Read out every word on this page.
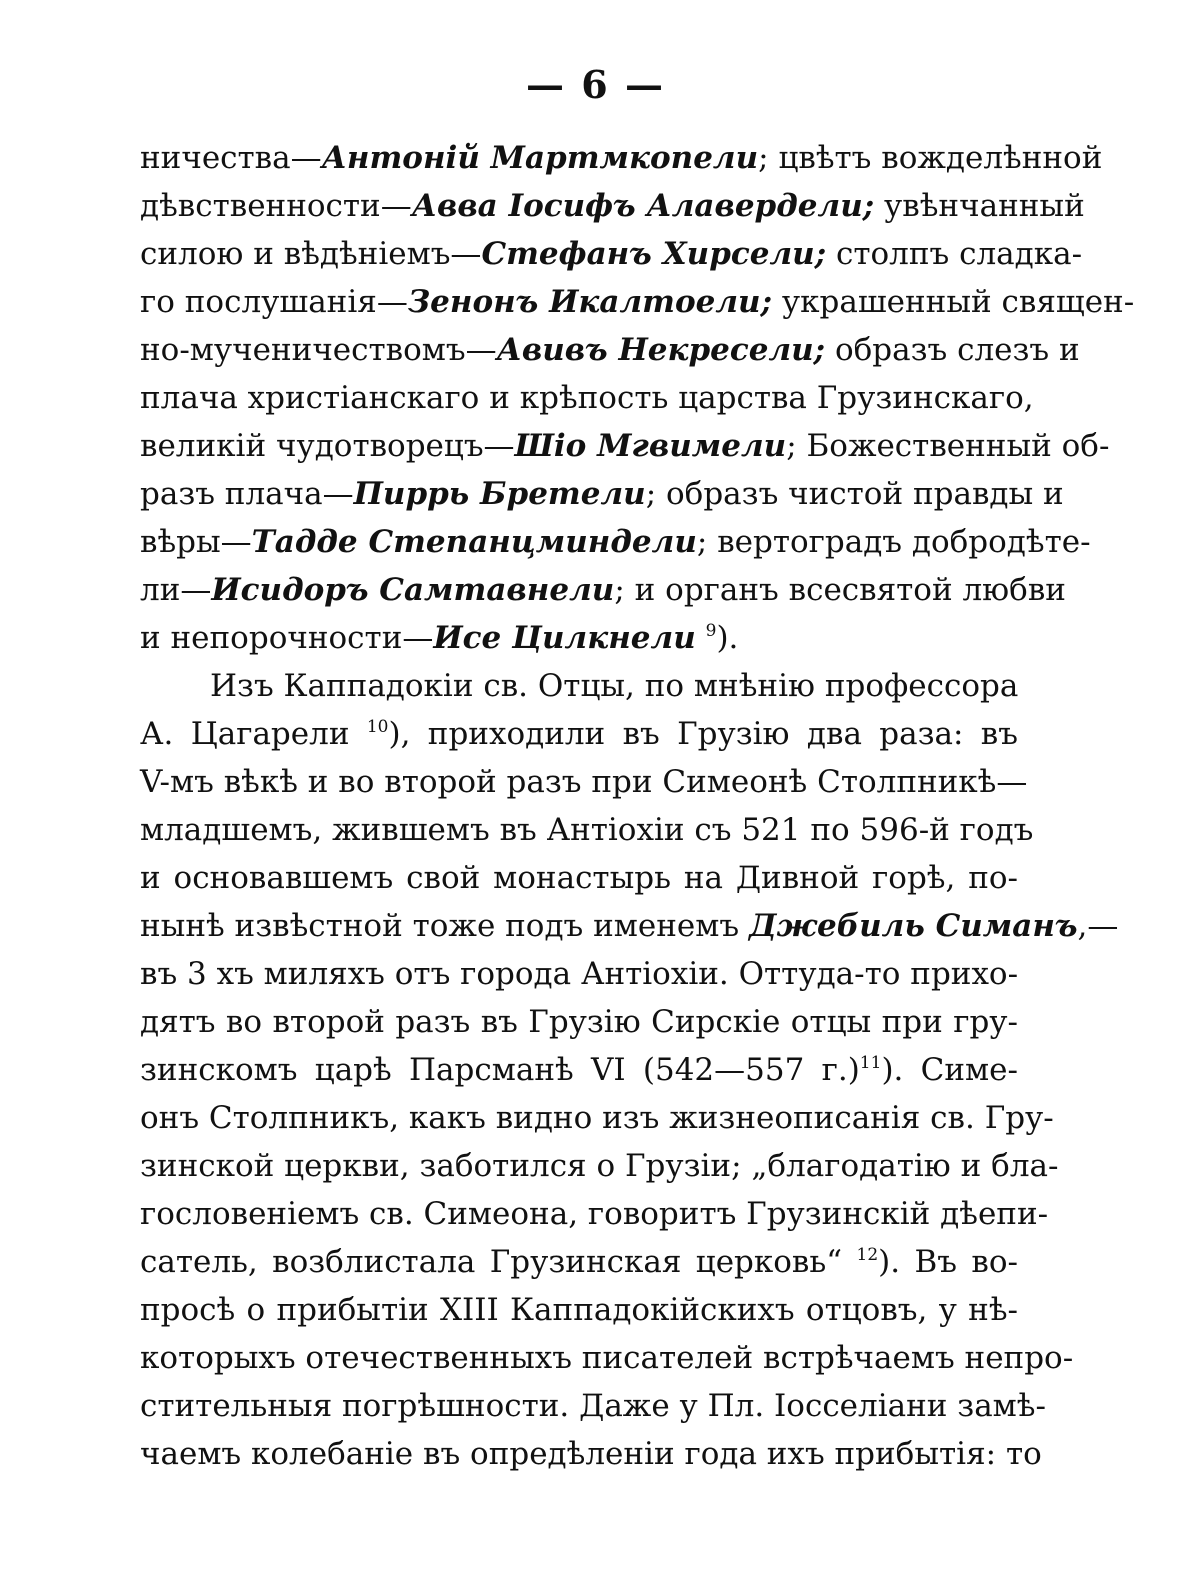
— 6 —
ничества—Антоній Мартмкопели; цвѣтъ вожделѣнной
дѣвственности—Авва Іосифъ Алавердели; увѣнчанный
силою и вѣдѣніемъ—Стефанъ Хирсели; столпъ сладка-
го послушанія—Зенонъ Икалтоели; украшенный священ-
но-мученичествомъ—Авивъ Некресели; образъ слезъ и
плача христіанскаго и крѣпость царства Грузинскаго,
великій чудотворецъ—Шіо Мгвимели; Божественный об-
разъ плача—Пиррь Бретели; образъ чистой правды и
вѣры—Тадде Степанцминдели; вертоградъ добродѣте-
ли—Исидоръ Самтавнели; и органъ всесвятой любви
и непорочности—Исе Цилкнели $^9$).
Изъ Каппадокіи св. Отцы, по мнѣнію профессора
А. Цагарели $^{10}$), приходили въ Грузію два раза: въ
V-мъ вѣкѣ и во второй разъ при Симеонѣ Столпникѣ—
младшемъ, жившемъ въ Антіохіи съ 521 по 596-й годъ
и основавшемъ свой монастырь на Дивной горѣ, по-
нынѣ извѣстной тоже подъ именемъ Джебиль Симанъ,—
въ 3 хъ миляхъ отъ города Антіохіи. Оттуда-то прихо-
дятъ во второй разъ въ Грузію Сирскіе отцы при гру-
зинскомъ царѣ Парсманѣ VI (542—557 г.)$^{11}$). Симе-
онъ Столпникъ, какъ видно изъ жизнеописанія св. Гру-
зинской церкви, заботился о Грузіи; „благодатію и бла-
гословеніемъ св. Симеона, говоритъ Грузинскій дѣепи-
сатель, возблистала Грузинская церковь“ $^{12}$). Въ во-
просѣ о прибытіи XIII Каппадокійскихъ отцовъ, у нѣ-
которыхъ отечественныхъ писателей встрѣчаемъ непро-
стительныя погрѣшности. Даже у Пл. Іосселіани замѣ-
чаемъ колебаніе въ опредѣленіи года ихъ прибытія: то
